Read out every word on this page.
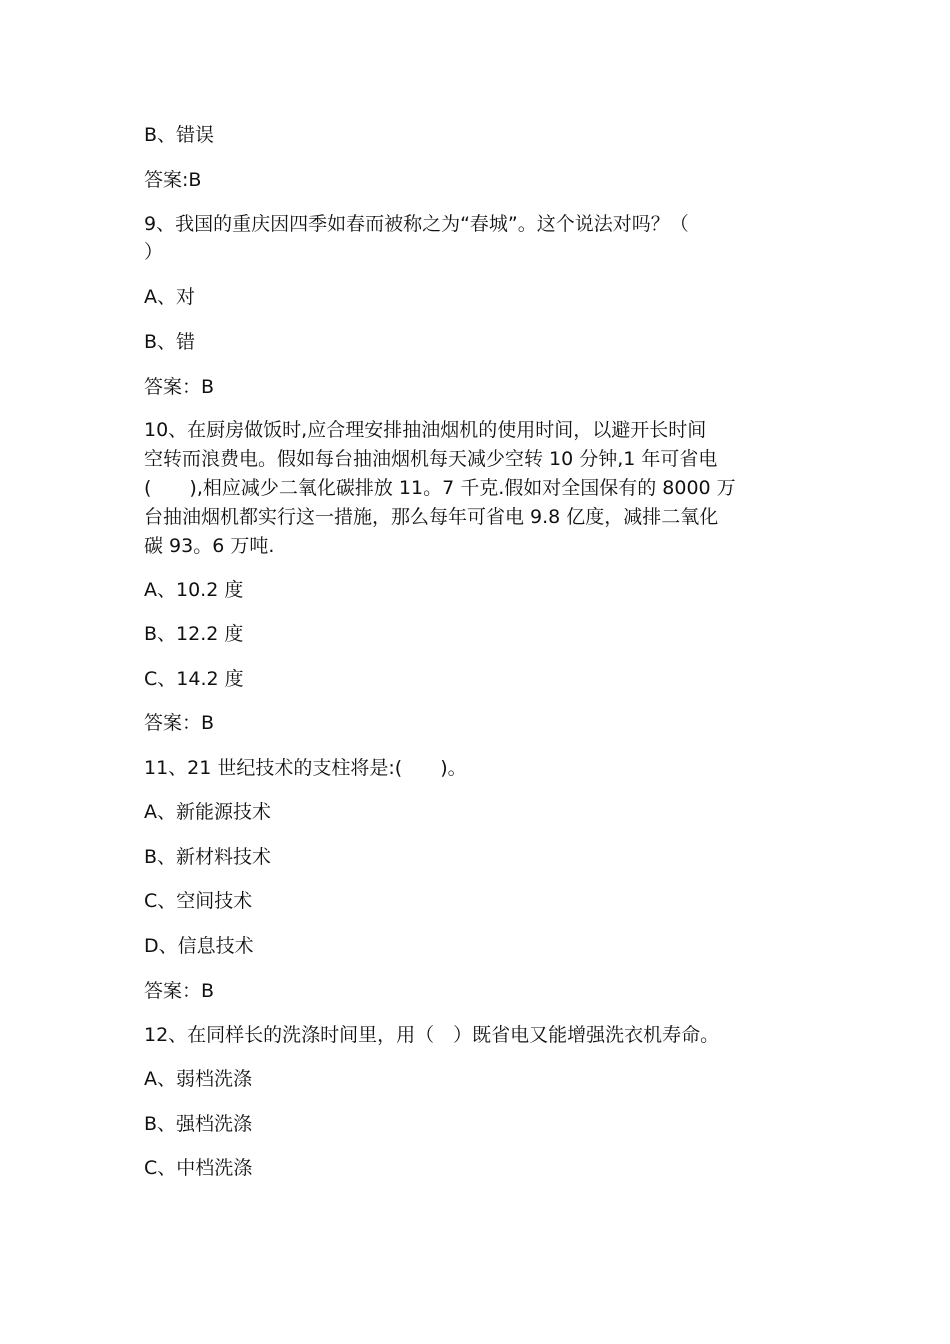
B、错误
答案:B
9、我国的重庆因四季如春而被称之为“春城”。这个说法对吗？（
）
A、对
B、错
答案：B
10、在厨房做饭时,应合理安排抽油烟机的使用时间，以避开长时间
空转而浪费电。假如每台抽油烟机每天减少空转 10 分钟,1 年可省电
(　　),相应减少二氧化碳排放 11。7 千克.假如对全国保有的 8000 万
台抽油烟机都实行这一措施，那么每年可省电 9.8 亿度，减排二氧化
碳 93。6 万吨.
A、10.2 度
B、12.2 度
C、14.2 度
答案：B
11、21 世纪技术的支柱将是:(　　)。
A、新能源技术
B、新材料技术
C、空间技术
D、信息技术
答案：B
12、在同样长的洗涤时间里，用（　）既省电又能增强洗衣机寿命。
A、弱档洗涤
B、强档洗涤
C、中档洗涤
